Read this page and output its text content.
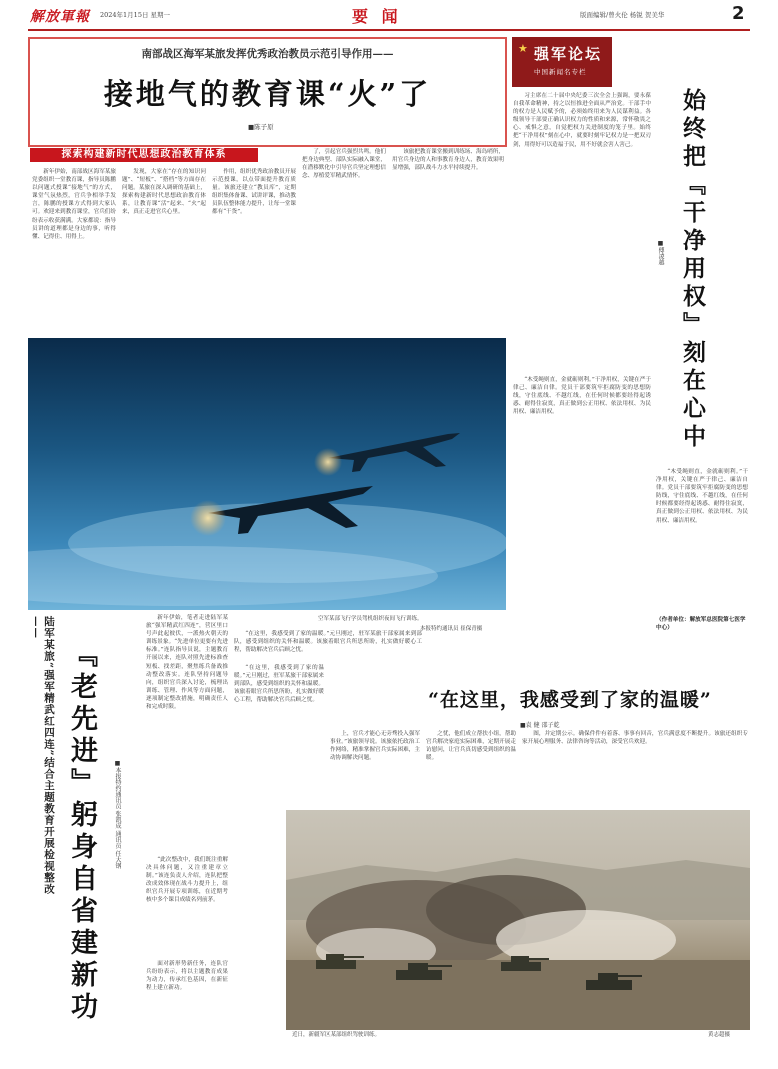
解放軍報 2024年1月15日 星期一	要 闻	版面编辑/曾火伦 杨锐 贺美华	2
南部战区海军某旅发挥优秀政治教员示范引导作用——
接地气的教育课“火”了
■陈子原
探索构建新时代思想政治教育体系

新年伊始，南部战区海军某旅党委组织一堂教育课，指导员陈鹏以问题式授课“接地气”的方式，课堂气氛热烈，官兵争相举手发言，陈鹏的授课方式得到大家认可。欢迎来到教育课堂，官兵们纷纷表示收获满满。大家都说：指导员讲的道理都是身边的事，听得懂、记得住、用得上。

发现，大家在“存在的知识问题”、“短板”、“搭档”等方面存在问题。某旅在深入调研的基础上，探索构建新时代思想政治教育体系，让教育课“活”起来、“火”起来，真正走进官兵心里。

作用，组织优秀政治教员开展示范授课，以点带面提升教育质量。该旅还建立“教员库”，定期组织集体备课、试讲评课，推动教员队伍整体能力提升，让每一堂课都有“干货”。

了，引起官兵强烈共鸣。他们把身边典型、部队实际融入课堂，在潜移默化中引导官兵坚定理想信念、厚植爱军精武情怀。

该旅把教育课堂搬到训练场、海岛哨所，用官兵身边的人和事教育身边人，教育效果明显增强，部队战斗力水平持续提升。

★ 强军论坛
中国新闻名专栏
始终把『干净用权』刻在心中
■傅凌越

习主席在二十届中央纪委三次全会上强调，要永葆自我革命精神，持之以恒推进全面从严治党。干部手中的权力是人民赋予的，必须始终用来为人民谋利益。各级领导干部要正确认识权力的性质和来源，常怀敬畏之心、戒惧之意，自觉把权力关进制度的笼子里。始终把“干净用权”刻在心中，就要时刻牢记权力是一把双刃剑，用得好可以造福于民，用不好就会害人害己。

“木受绳则直，金就砺则利。”干净用权，关键在严于律己、廉洁自律。党员干部要筑牢拒腐防变的思想防线，守住底线、不越红线，在任何时候都要经得起诱惑、耐得住寂寞，真正做到公正用权、依法用权、为民用权、廉洁用权。

“木受绳则直，金就砺则利。”干净用权，关键在严于律己、廉洁自律。党员干部要筑牢拒腐防变的思想防线，守住底线、不越红线，在任何时候都要经得起诱惑、耐得住寂寞，真正做到公正用权、依法用权、为民用权、廉洁用权。

（作者单位：解放军总医院第七医学中心）
空军某部飞行学员驾机组织夜间飞行训练。
本报特约通讯员 崔保青摄
陆军某旅“强军精武红四连”结合主题教育开展检视整改——
『老先进』躬身自省建新功	■本报特约通讯员 张凯成 通讯员 任大钢

新年伊始，笔者走进陆军某旅“强军精武红四连”，营区里口号声此起彼伏，一派热火朝天的训练景象。“先进单位更要有先进标准。”连队指导员说，主题教育开展以来，连队对照先进标准查短板、找差距，聚焦练兵备战推动整改落实。连队坚持问题导向，组织官兵深入讨论，梳理出训练、管理、作风等方面问题，逐项制定整改措施，明确责任人和完成时限。

“此次整改中，我们既注重解决具体问题，又注重建章立制。”该连负责人介绍，连队把整改成效体现在战斗力提升上，组织官兵开展专项训练，在近期考核中多个课目成绩名列前茅。

面对新形势新任务，连队官兵纷纷表示，将以主题教育成果为动力，传承红色基因，在新征程上建立新功。

“在这里，我感受到了家的温暖。”元旦刚过，驻军某旅干部家属来到部队，感受到组织的关怀和温暖。该旅着眼官兵所思所盼，扎实做好暖心工程，帮助解决官兵后顾之忧。

“在这里，我感受到了家的温暖”
■袁 健 邵子乾

“在这里，我感受到了家的温暖。”元旦刚过，驻军某旅干部家属来到部队，感受到组织的关怀和温暖。该旅着眼官兵所思所盼，扎实做好暖心工程，帮助解决官兵后顾之忧。

上，官兵才能心无旁骛投入强军事业。”该旅领导说。该旅依托政治工作网络，精准掌握官兵实际困难，主动协调解决问题。

之忧，他们成立帮扶小组，帮助官兵解决家庭实际困难，定期开展走访慰问，让官兵真切感受到组织的温暖。

图，并定期公示。确保件件有着落、事事有回音，官兵满意度不断提升。该旅还组织专家开展心理服务、法律咨询等活动，深受官兵欢迎。

近日，新疆军区某部组织驾驶训练。	黄志超摄
